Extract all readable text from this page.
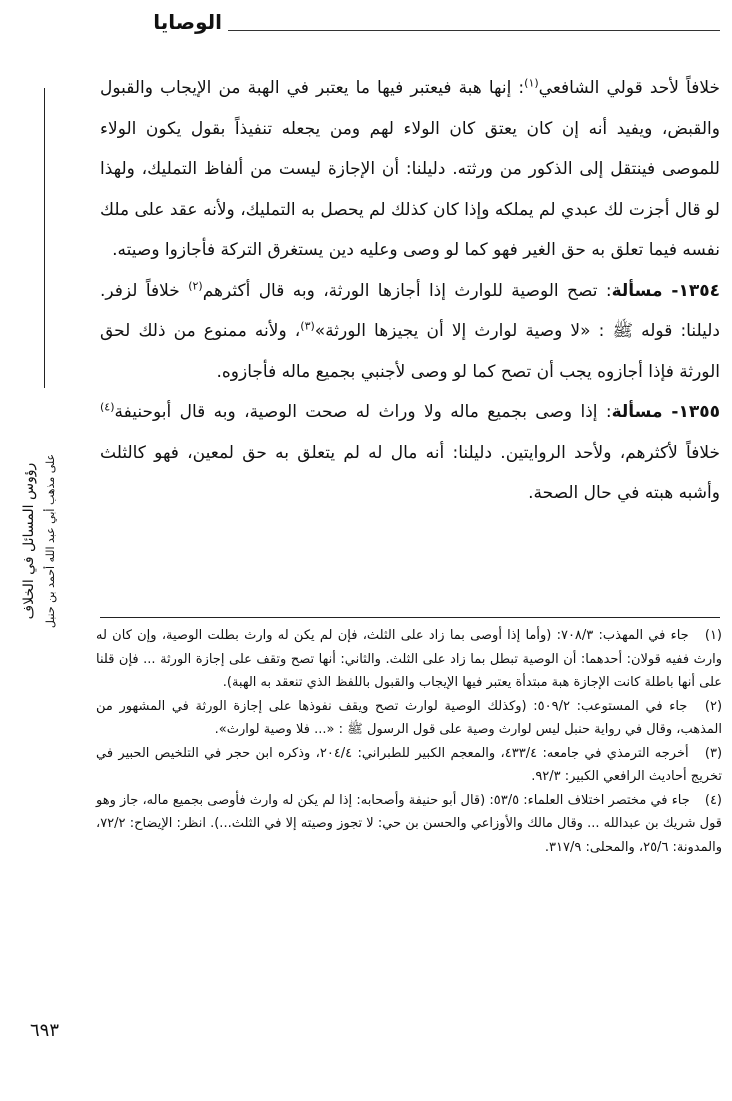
الوصايا
رؤوس المسائل في الخلاف على مذهب أبي عبد الله أحمد بن حنبل

خلافاً لأحد قولي الشافعي$^{(١)}$: إنها هبة فيعتبر فيها ما يعتبر في الهبة من الإيجاب والقبول والقبض، ويفيد أنه إن كان يعتق كان الولاء لهم ومن يجعله تنفيذاً بقول يكون الولاء للموصى فينتقل إلى الذكور من ورثته. دليلنا: أن الإجازة ليست من ألفاظ التمليك، ولهذا لو قال أجزت لك عبدي لم يملكه وإذا كان كذلك لم يحصل به التمليك، ولأنه عقد على ملك نفسه فيما تعلق به حق الغير فهو كما لو وصى وعليه دين يستغرق التركة فأجازوا وصيته.

١٣٥٤- مسألة: تصح الوصية للوارث إذا أجازها الورثة، وبه قال أكثرهم$^{(٢)}$ خلافاً لزفر. دليلنا: قوله ﷺ : «لا وصية لوارث إلا أن يجيزها الورثة»$^{(٣)}$، ولأنه ممنوع من ذلك لحق الورثة فإذا أجازوه يجب أن تصح كما لو وصى لأجنبي بجميع ماله فأجازوه.

١٣٥٥- مسألة: إذا وصى بجميع ماله ولا وراث له صحت الوصية، وبه قال أبوحنيفة$^{(٤)}$ خلافاً لأكثرهم، ولأحد الروايتين. دليلنا: أنه مال له لم يتعلق به حق لمعين، فهو كالثلث وأشبه هبته في حال الصحة.

(١) جاء في المهذب: ٧٠٨/٣: (وأما إذا أوصى بما زاد على الثلث، فإن لم يكن له وارث بطلت الوصية، وإن كان له وارث ففيه قولان: أحدهما: أن الوصية تبطل بما زاد على الثلث. والثاني: أنها تصح وتقف على إجازة الورثة ... فإن قلنا على أنها باطلة كانت الإجازة هبة مبتدأة يعتبر فيها الإيجاب والقبول باللفظ الذي تنعقد به الهبة).

(٢) جاء في المستوعب: ٥٠٩/٢: (وكذلك الوصية لوارث تصح ويقف نفوذها على إجازة الورثة في المشهور من المذهب، وقال في رواية حنبل ليس لوارث وصية على قول الرسول ﷺ : «... فلا وصية لوارث».

(٣) أخرجه الترمذي في جامعه: ٤٣٣/٤، والمعجم الكبير للطبراني: ٢٠٤/٤، وذكره ابن حجر في التلخيص الحبير في تخريج أحاديث الرافعي الكبير: ٩٢/٣.

(٤) جاء في مختصر اختلاف العلماء: ٥٣/٥: (قال أبو حنيفة وأصحابه: إذا لم يكن له وارث فأوصى بجميع ماله، جاز وهو قول شريك بن عبدالله ... وقال مالك والأوزاعي والحسن بن حي: لا تجوز وصيته إلا في الثلث...). انظر: الإيضاح: ٧٢/٢، والمدونة: ٢٥/٦، والمحلى: ٣١٧/٩.

٦٩٣
